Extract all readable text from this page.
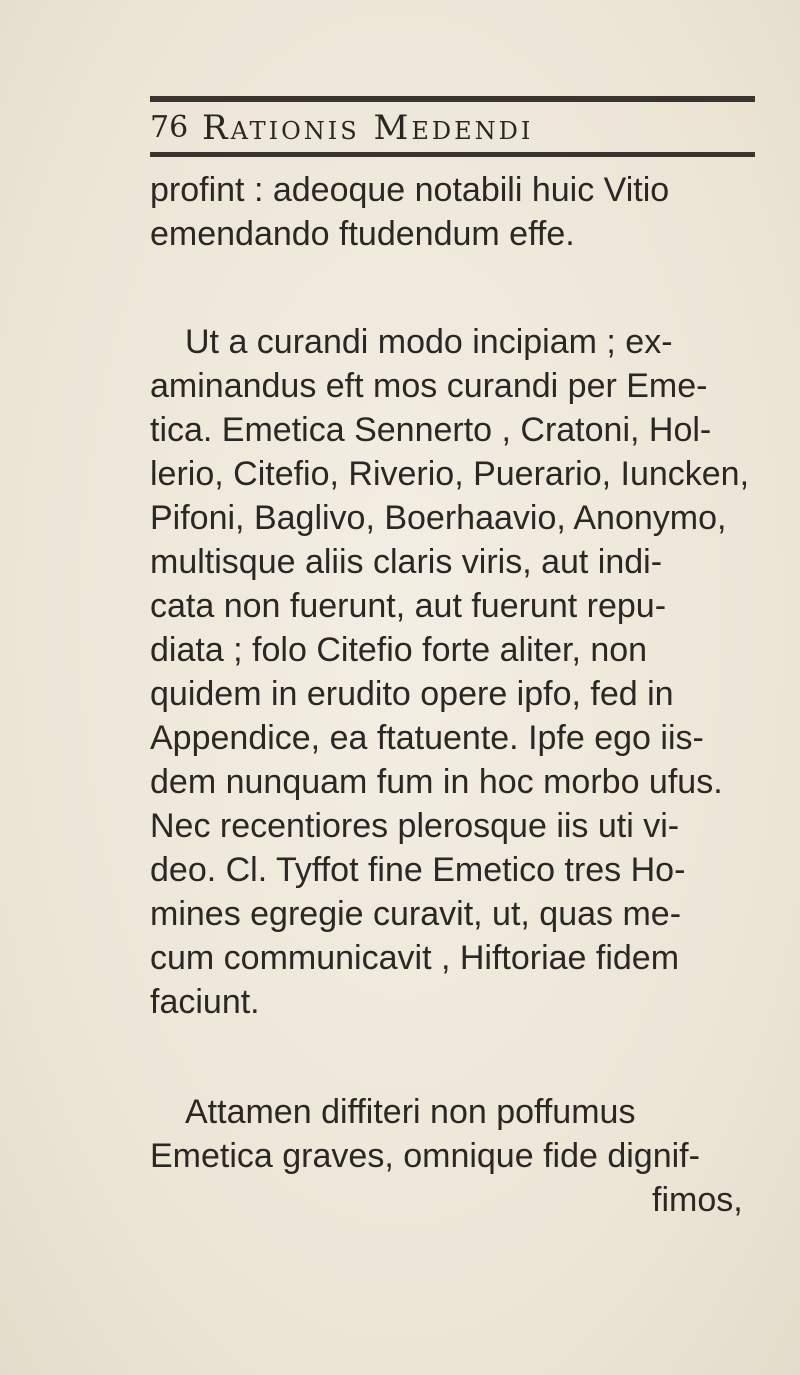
76 Rationis Medendi
profint : adeoque notabili huic Vitio
emendando ftudendum effe.
Ut a curandi modo incipiam ; ex-
aminandus eft mos curandi per Eme-
tica. Emetica Sennerto , Cratoni, Hol-
lerio, Citefio, Riverio, Puerario, Iuncken,
Pifoni, Baglivo, Boerhaavio, Anonymo,
multisque aliis claris viris, aut indi-
cata non fuerunt, aut fuerunt repu-
diata ; folo Citefio forte aliter, non
quidem in erudito opere ipfo, fed in
Appendice, ea ftatuente. Ipfe ego iis-
dem nunquam fum in hoc morbo ufus.
Nec recentiores plerosque iis uti vi-
deo. Cl. Tyffot fine Emetico tres Ho-
mines egregie curavit, ut, quas me-
cum communicavit , Hiftoriae fidem
faciunt.
Attamen diffiteri non poffumus
Emetica graves, omnique fide dignif-
fimos,
